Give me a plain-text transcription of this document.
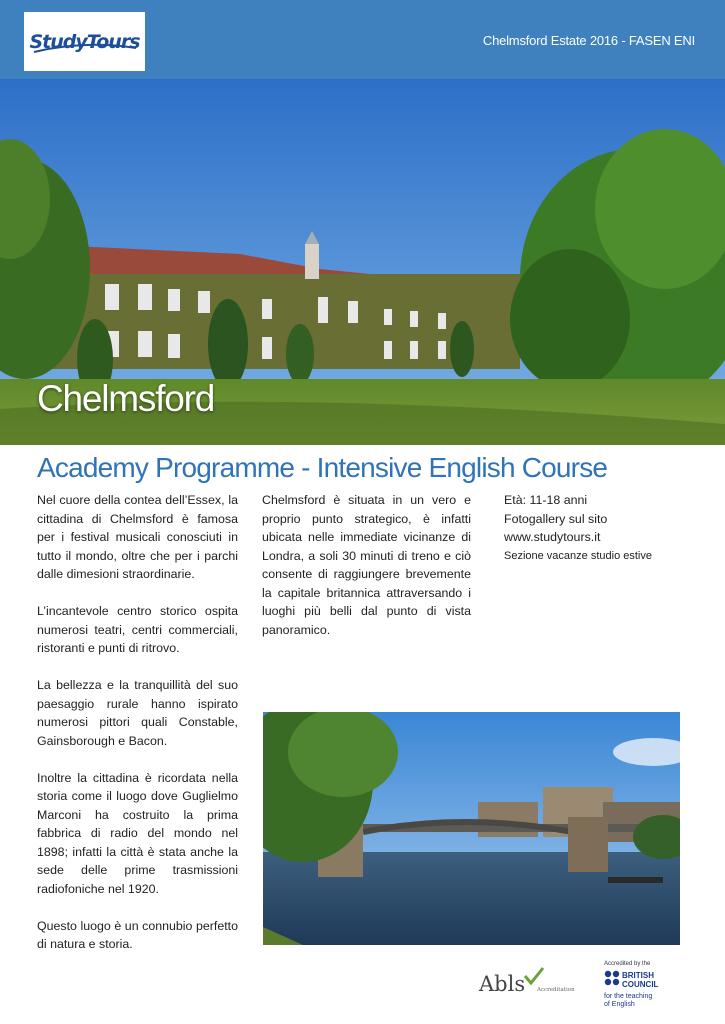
StudyTours	Chelmsford Estate 2016 - FASEN ENI
Chelmsford
Academy Programme - Intensive English Course

Nel cuore della contea dell’Essex, la cittadina di Chelmsford è famosa per i festival musicali conosciuti in tutto il mondo, oltre che per i parchi dalle dimesioni straordinarie.

L’incantevole centro storico ospita numerosi teatri, centri commerciali, ristoranti e punti di ritrovo.

La bellezza e la tranquillità del suo paesaggio rurale hanno ispirato numerosi pittori quali Constable, Gainsborough e Bacon.

Inoltre la cittadina è ricordata nella storia come il luogo dove Guglielmo Marconi ha costruito la prima fabbrica di radio del mondo nel 1898; infatti la città è stata anche la sede delle prime trasmissioni radiofoniche nel 1920.

Questo luogo è un connubio perfetto di natura e storia.

Chelmsford è situata in un vero e proprio punto strategico, è infatti ubicata nelle immediate vicinanze di Londra, a soli 30 minuti di treno e ciò consente di raggiungere brevemente la capitale britannica attraversando i luoghi più belli dal punto di vista panoramico.

Età: 11-18 anni
Fotogallery sul sito
www.studytours.it
Sezione vacanze studio estive
Abls Accreditation
Accredited by the
BRITISH
COUNCIL
for the teaching
of English
